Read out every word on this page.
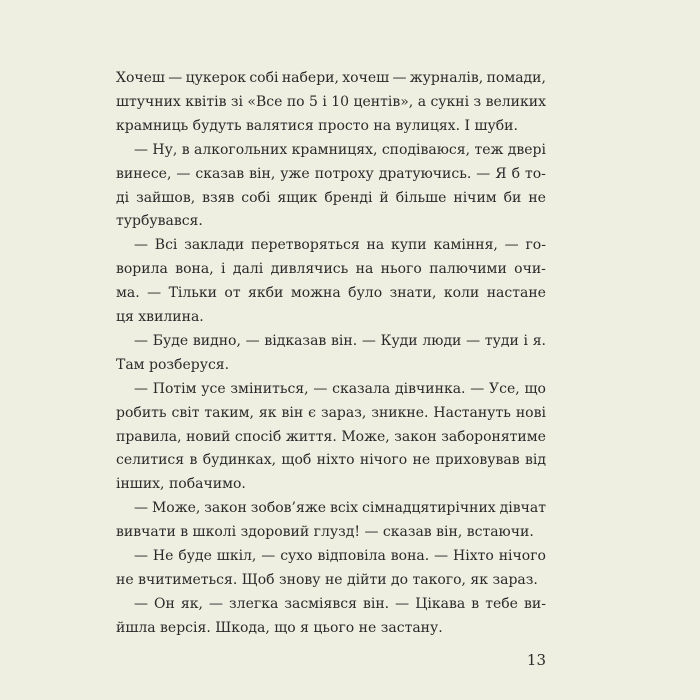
Хочеш — цукерок собі набери, хочеш — журналів, помади,
штучних квітів зі «Все по 5 і 10 центів», а сукні з великих
крамниць будуть валятися просто на вулицях. І шуби.
— Ну, в алкогольних крамницях, сподіваюся, теж двері
винесе, — сказав він, уже потроху дратуючись. — Я б то-
ді зайшов, взяв собі ящик бренді й більше нічим би не
турбувався.
— Всі заклади перетворяться на купи каміння, — го-
ворила вона, і далі дивлячись на нього палючими очи-
ма. — Тільки от якби можна було знати, коли настане
ця хвилина.
— Буде видно, — відказав він. — Куди люди — туди і я.
Там розберуся.
— Потім усе зміниться, — сказала дівчинка. — Усе, що
робить світ таким, як він є зараз, зникне. Настануть нові
правила, новий спосіб життя. Може, закон забоpонятиме
селитися в будинках, щоб ніхто нічого не приховував від
інших, побачимо.
— Може, закон зобов’яже всіх сімнадцятирічних дівчат
вивчати в школі здоровий глузд! — сказав він, встаючи.
— Не буде шкіл, — сухо відповіла вона. — Ніхто нічого
не вчитиметься. Щоб знову не дійти до такого, як зараз.
— Он як, — злегка засміявся він. — Цікава в тебе ви-
йшла версія. Шкода, що я цього не застану.
13
